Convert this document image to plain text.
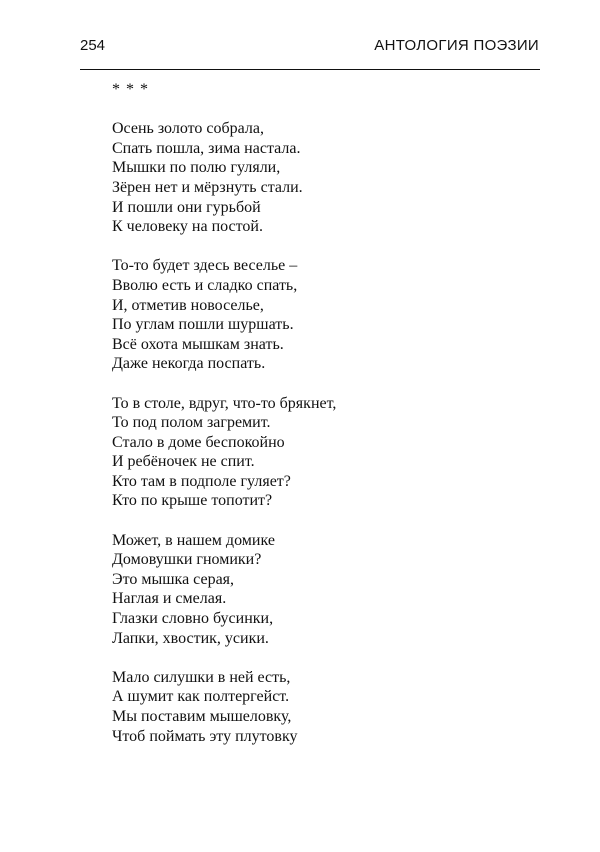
254	АНТОЛОГИЯ ПОЭЗИИ
* * *
Осень золото собрала,
Спать пошла, зима настала.
Мышки по полю гуляли,
Зёрен нет и мёрзнуть стали.
И пошли они гурьбой
К человеку на постой.
То-то будет здесь веселье –
Вволю есть и сладко спать,
И, отметив новоселье,
По углам пошли шуршать.
Всё охота мышкам знать.
Даже некогда поспать.
То в столе, вдруг, что-то брякнет,
То под полом загремит.
Стало в доме беспокойно
И ребёночек не спит.
Кто там в подполе гуляет?
Кто по крыше топотит?
Может, в нашем домике
Домовушки гномики?
Это мышка серая,
Наглая и смелая.
Глазки словно бусинки,
Лапки, хвостик, усики.
Мало силушки в ней есть,
А шумит как полтергейст.
Мы поставим мышеловку,
Чтоб поймать эту плутовку
